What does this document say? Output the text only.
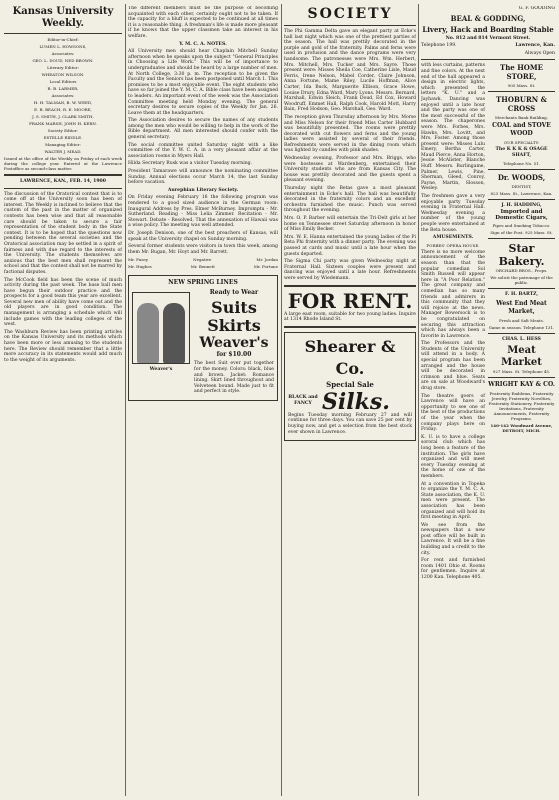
Kansas University Weekly.
Editor-in-Chief:
LUMEN L. HOWSONS,
Associates:
GEO. L. DOUD, NED BROWN.
Literary Editor:
WHEATON WILSON.
Local Editors
R. B. LARMER,
Associates:
H. H. TALMAN, B. W. WEED,
E. B. BEACH, R. E. MOORE,
J. S. SMITH, J. CLARK SMITH,
FRANK MARSH, JOHN H. KERN.
Society Editor:
ESTELLE RIDDLE.
Managing Editor:
WALTER J. MEAD.
Issued at the office of the Weekly on Friday of each week during the college year. Entered at the Lawrence Postoffice as second-class matter.
LAWRENCE, KAN., FEB. 14, 1900
The discussion of the Oratorical contest that is to come off at the University soon has been of interest. The Weekly is inclined to believe that the custom of the past in the matter of organized contests has been wise and that all reasonable care should be taken to secure a fair representation of the student body in the State contest. It is to be hoped that the questions now pending between the several societies and the Oratorical association may be settled in a spirit of fairness and with due regard to the interests of the University. The students themselves are anxious that the best men shall represent the school and that the contest shall not be marred by factional disputes.
The McCook field has been the scene of much activity during the past week. The base ball men have begun their outdoor practice and the prospects for a good team this year are excellent. Several new men of ability have come out and the old players are in good condition. The management is arranging a schedule which will include games with the leading colleges of the west.
The Washburn Review has been printing articles on the Kansas University and its methods which have been more or less amusing to the students here. The Review should remember that a little more accuracy in its statements would add much to the weight of its arguments.
The different members must be the purpose of becoming acquainted with each other, certainly ought not to be taken. If the capacity for a bluff is expected to be continued at all times it is a reasonable thing. A freshman's life is made more pleasant if he knows that the upper classmen take an interest in his welfare.
Y. M. C. A. NOTES.
All University men should hear Chaplain Mitchell Sunday afternoon when he speaks upon the subject "General Principles in Choosing a Life Work." This will be of importance to undergraduates and should be heard by a large number of men. At North College, 3:30 p. m. The reception to be given the Faculty and the Seniors has been postponed until March 1. This promises to be a most enjoyable event. The eight students who have so far joined the Y. M. C. A. Bible class have been assigned to leaders. An important event of the week was the Association Committee meeting held Monday evening. The general secretary desires to secure copies of the Weekly for Jan. 26. Leave them at the headquarters.
The Association desires to secure the names of any students among the men who would be willing to help in the work of the Bible department. All men interested should confer with the general secretary.
The social committee united Saturday night with a like committee of the Y. W. C. A. in a very pleasant affair at the association rooms in Myers Hall.
Hilda Secretary Rusk was a visitor Tuesday morning.
President Tamarawe will announce the nominating committee Sunday. Annual elections occur March 14, the last Sunday before vacation.
Aurephian Literary Society.
On Friday evening February 16 the following program was rendered to a good sized audience in the German room: Inaugural Address by Pres. Elmer McBurney. Impromptu - Mr. Sutherland. Reading - Miss Lelia Zimmer. Recitation - Mr. Stewart. Debate - Resolved, That the annexation of Hawaii was a wise policy. The meeting was well attended.
Dr. Joseph Denison, one of the best preachers of Kansas, will speak at the University chapel on Sunday morning.
Several former students were visitors in town this week, among them Mr. Bugan, Mr. Hoyt and Mr. Barrett.
Mr. Pusey	Negative	Mr. Jordan
Mr. Hughes	Mr. Bennett	Mr. Fortune
NEW SPRING LINES
Weaver's
Ready to Wear
Suits
Skirts
Weaver's
for $10.00
The best Suit ever put together for the money. Colors: black, blue and brown. Jacket: Romance lining. Skirt lined throughout and Velveteen bound. Made just to fit and perfect in style.
SOCIETY
The Phi Gamma Delta gave an elegant party at Ecke's hall last night which was one of the prettiest parties of the season. The hall was prettily decorated in the purple and gold of the fraternity. Palms and ferns were used in profusion and the dance programs were very handsome. The patronesses were Mrs. Wm. Herbert, Mrs. Mitchell, Mrs. Tucker and Mrs. Sayre. Those present were: Misses Sheila Coe, Catherine Lisle, Maud Ferris, Irene Nelson, Mabel Corder, Claire Johnson, Anna Fortune, Mame Riley, Lucile Hoffman, Alice Carter, Ida Buck, Marguerite Ellison, Grace Howe, Louise Drury, Edna Ward, Mary Lyons. Messrs. Bernard, Marshall, Edwin Sleich, Frank Doud, Ed Cox, Howard Woodruff, Emmet Hall, Ralph Cook, Harold Mott, Harry Bain, Fred Hodson, Geo. Marshall, Geo. Ward.
The reception given Thursday afternoon by Mrs. Morse and Miss Nelson for their friend Miss Carter Hubbard was beautifully presented. The rooms were prettily decorated with cut flowers and ferns and the young ladies were assisted by several of their friends. Refreshments were served in the dining room which was lighted by candles with pink shades.
Wednesday evening, Professor and Mrs. Briggs, who were hostesses at Wardenberg, entertained their University students who are from Kansas City. The house was prettily decorated and the guests spent a pleasant evening.
Thursday night the Betas gave a most pleasant entertainment in Ecke's hall. The hall was beautifully decorated in the fraternity colors and an excellent orchestra furnished the music. Punch was served throughout the evening.
Mrs. O. P. Barber will entertain the Tri-Delt girls at her home on Tennessee street Saturday afternoon in honor of Miss Emily Becker.
Mrs. W. E. Hanna entertained the young ladies of the Pi Beta Phi fraternity with a dinner party. The evening was passed at cards and music until a late hour when the guests departed.
The Sigma Chi party was given Wednesday night at Fraternal Hall. Sixteen couples were present and dancing was enjoyed until a late hour. Refreshments were served by Wiedemann.
FOR RENT.
A large east room, suitable for two young ladies. Inquire at 1314 Rhode Island St.
Shearer & Co.
Special Sale
BLACK and FANCY Silks.
Begins Tuesday morning February 27 and will continue for three days. You can save 25 per cent by buying now, and get a selection from the best stock ever shown in Lawrence.
G. F. GOODING
BEAL & GODDING,
Livery, Hack and Boarding Stable
No. 812 and 814 Vermont Street.
Telephone 199.	Lawrence, Kan.
Always Open
with less curtains, patterns and fine colors. At the next end of the hall appeared a design in electric lights, which presented the letters "K. U." and a Jayhawk. Dancing was enjoyed until a late hour and the party was one of the most successful of the season. The chaperones were Mrs. Forbes, Mrs. Hawks, Mrs. Lovitt, and Mrs. Foster. Among those present were: Misses Lulu Emery, Bertha Carter, Maud Pierce, Anna Horton, Jessie McAlister, Blanche Huff. Messrs. Burlingame, Palmer, Lewis, Pine, Sherman, Gleed, Conroy, Payne, Martin, Slosson, Wesley.
The freshmen gave a very enjoyable party Tuesday evening in Fraternal Hall. Wednesday evening a number of the young people were entertained at the Beta house.
AMUSEMENTS.
FORBES' OPERA HOUSE.
There is no more welcome announcement of the season than that the popular comedian Sol Smith Russell will appear here in "A Poor Relation." The great company and comedian has so many friends and admirers in this community that they will rejoice at the news. Manager Bowersock is to be congratulated on securing this attraction which has always been a favorite in Lawrence.
The Professors and the Students of the University will attend in a body. A special program has been arranged and the house will be decorated in crimson and blue. Seats are on sale at Woodward's drug store.
The theatre goers of Lawrence will have an opportunity to see one of the best of the productions of the year when the company plays here on Friday.
K. U. is to have a college sororal club which has long been a feature of the institution. The girls have organized and will meet every Tuesday evening at the home of one of the members.
At a convention in Topeka to organize the Y. M. C. A. State association, the K. U. men were present. The association has been organized and will hold its first meeting in April.
We see from the newspapers that a new post office will be built in Lawrence. It will be a fine building and a credit to the city.
For rent and furnished room 1401 Ohio st. Rooms for gentlemen. Inquire at 1200 Kan. Telephone 405.
The HOME STORE,
905 Mass. St.
THOBURN & CROSS
Merchants Bank Building,
COAL and STOVE WOOD
OUR SPECIALTY:
The K K K & OSAGE SHAFT,
Telephone No. 51.
Dr. WOODS,
DENTIST,
823 Mass. St., Lawrence, Kan.
J. H. HADDING,
Imported and Domestic Cigars,
Pipes and Smoking Tobacco.
Sign of the Post. 925 Mass. St.
Star Bakery.
ORCHARD BROS., Props.
We solicit the patronage of the public.
F. H. BARTZ,
West End Meat Market,
Fresh and Salt Meats.
Game in season. Telephone 131.
CHAS. L. HESS
Meat Market
927 Mass. St. Telephone 45.
WRIGHT KAY & CO.
Fraternity Emblems, Fraternity Jewelry, Fraternity Novelties, Fraternity Stationery, Fraternity Invitations, Fraternity Announcements, Fraternity Programs.
140-142 Woodward Avenue, DETROIT, MICH.
